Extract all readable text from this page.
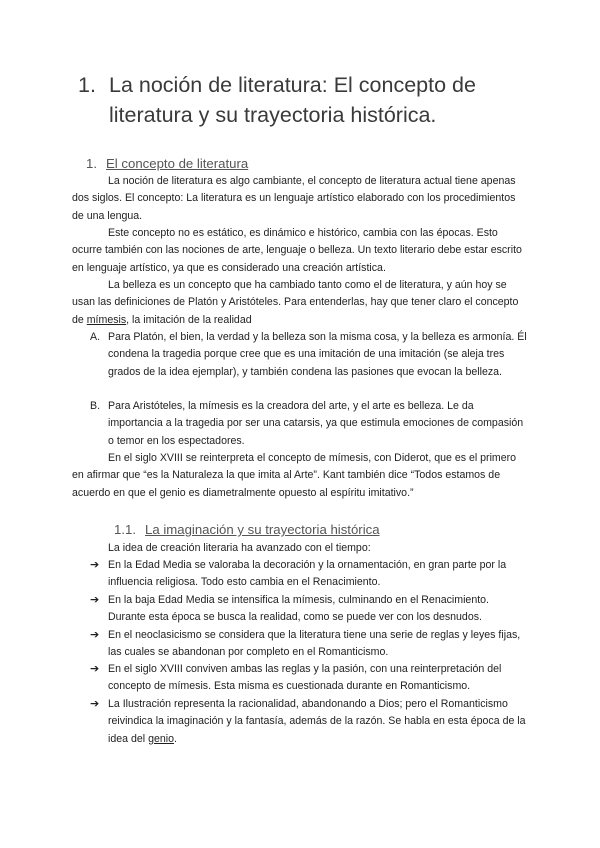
1. La noción de literatura: El concepto de literatura y su trayectoria histórica.
1. El concepto de literatura
La noción de literatura es algo cambiante, el concepto de literatura actual tiene apenas dos siglos. El concepto: La literatura es un lenguaje artístico elaborado con los procedimientos de una lengua.
Este concepto no es estático, es dinámico e histórico, cambia con las épocas. Esto ocurre también con las nociones de arte, lenguaje o belleza. Un texto literario debe estar escrito en lenguaje artístico, ya que es considerado una creación artística.
La belleza es un concepto que ha cambiado tanto como el de literatura, y aún hoy se usan las definiciones de Platón y Aristóteles. Para entenderlas, hay que tener claro el concepto de mímesis, la imitación de la realidad
A. Para Platón, el bien, la verdad y la belleza son la misma cosa, y la belleza es armonía. Él condena la tragedia porque cree que es una imitación de una imitación (se aleja tres grados de la idea ejemplar), y también condena las pasiones que evocan la belleza.
B. Para Aristóteles, la mímesis es la creadora del arte, y el arte es belleza. Le da importancia a la tragedia por ser una catarsis, ya que estimula emociones de compasión o temor en los espectadores.
En el siglo XVIII se reinterpreta el concepto de mímesis, con Diderot, que es el primero en afirmar que “es la Naturaleza la que imita al Arte”. Kant también dice “Todos estamos de acuerdo en que el genio es diametralmente opuesto al espíritu imitativo.”
1.1. La imaginación y su trayectoria histórica
La idea de creación literaria ha avanzado con el tiempo:
➔ En la Edad Media se valoraba la decoración y la ornamentación, en gran parte por la influencia religiosa. Todo esto cambia en el Renacimiento.
➔ En la baja Edad Media se intensifica la mímesis, culminando en el Renacimiento. Durante esta época se busca la realidad, como se puede ver con los desnudos.
➔ En el neoclasicismo se considera que la literatura tiene una serie de reglas y leyes fijas, las cuales se abandonan por completo en el Romanticismo.
➔ En el siglo XVIII conviven ambas las reglas y la pasión, con una reinterpretación del concepto de mímesis. Esta misma es cuestionada durante en Romanticismo.
➔ La Ilustración representa la racionalidad, abandonando a Dios; pero el Romanticismo reivindica la imaginación y la fantasía, además de la razón. Se habla en esta época de la idea del genio.
